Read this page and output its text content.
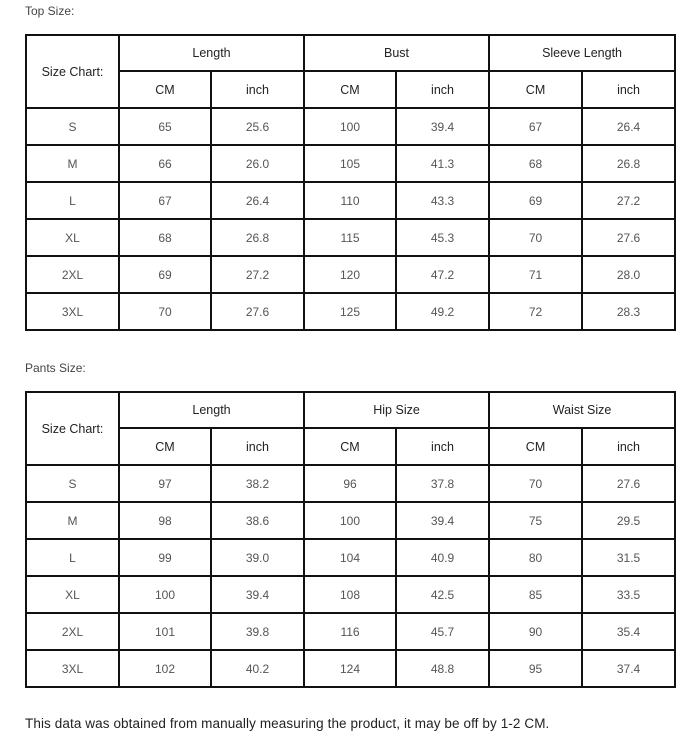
Top Size:
Size Chart:	Length		Bust		Sleeve Length	
	CM	inch	CM	inch	CM	inch
S	65	25.6	100	39.4	67	26.4
M	66	26.0	105	41.3	68	26.8
L	67	26.4	110	43.3	69	27.2
XL	68	26.8	115	45.3	70	27.6
2XL	69	27.2	120	47.2	71	28.0
3XL	70	27.6	125	49.2	72	28.3
Pants Size:
Size Chart:	Length		Hip Size		Waist Size	
	CM	inch	CM	inch	CM	inch
S	97	38.2	96	37.8	70	27.6
M	98	38.6	100	39.4	75	29.5
L	99	39.0	104	40.9	80	31.5
XL	100	39.4	108	42.5	85	33.5
2XL	101	39.8	116	45.7	90	35.4
3XL	102	40.2	124	48.8	95	37.4
This data was obtained from manually measuring the product, it may be off by 1-2 CM.
